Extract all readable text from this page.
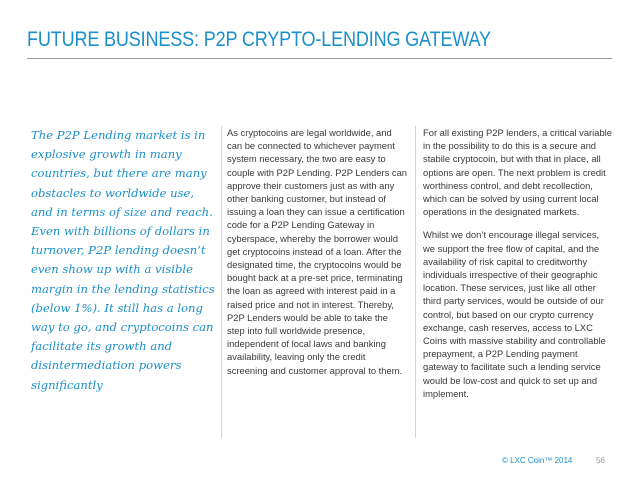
FUTURE BUSINESS: P2P CRYPTO-LENDING GATEWAY
The P2P Lending market is in explosive growth in many countries, but there are many obstacles to worldwide use, and in terms of size and reach. Even with billions of dollars in turnover, P2P lending doesn’t even show up with a visible margin in the lending statistics (below 1%). It still has a long way to go, and cryptocoins can facilitate its growth and disintermediation powers significantly

As cryptocoins are legal worldwide, and can be connected to whichever payment system necessary, the two are easy to couple with P2P Lending. P2P Lenders can approve their customers just as with any other banking customer, but instead of issuing a loan they can issue a certification code for a P2P Lending Gateway in cyberspace, whereby the borrower would get cryptocoins instead of a loan. After the designated time, the cryptocoins would be bought back at a pre-set price, terminating the loan as agreed with interest paid in a raised price and not in interest. Thereby, P2P Lenders would be able to take the step into full worldwide presence, independent of local laws and banking availability, leaving only the credit screening and customer approval to them.

For all existing P2P lenders, a critical variable in the possibility to do this is a secure and stabile cryptocoin, but with that in place, all options are open. The next problem is credit worthiness control, and debt recollection, which can be solved by using current local operations in the designated markets.

Whilst we don’t encourage illegal services, we support the free flow of capital, and the availability of risk capital to creditworthy individuals irrespective of their geographic location. These services, just like all other third party services, would be outside of our control, but based on our crypto currency exchange, cash reserves, access to LXC Coins with massive stability and controllable prepayment, a P2P Lending payment gateway to facilitate such a lending service would be low-cost and quick to set up and implement.

© LXC Coin™ 2014	56
